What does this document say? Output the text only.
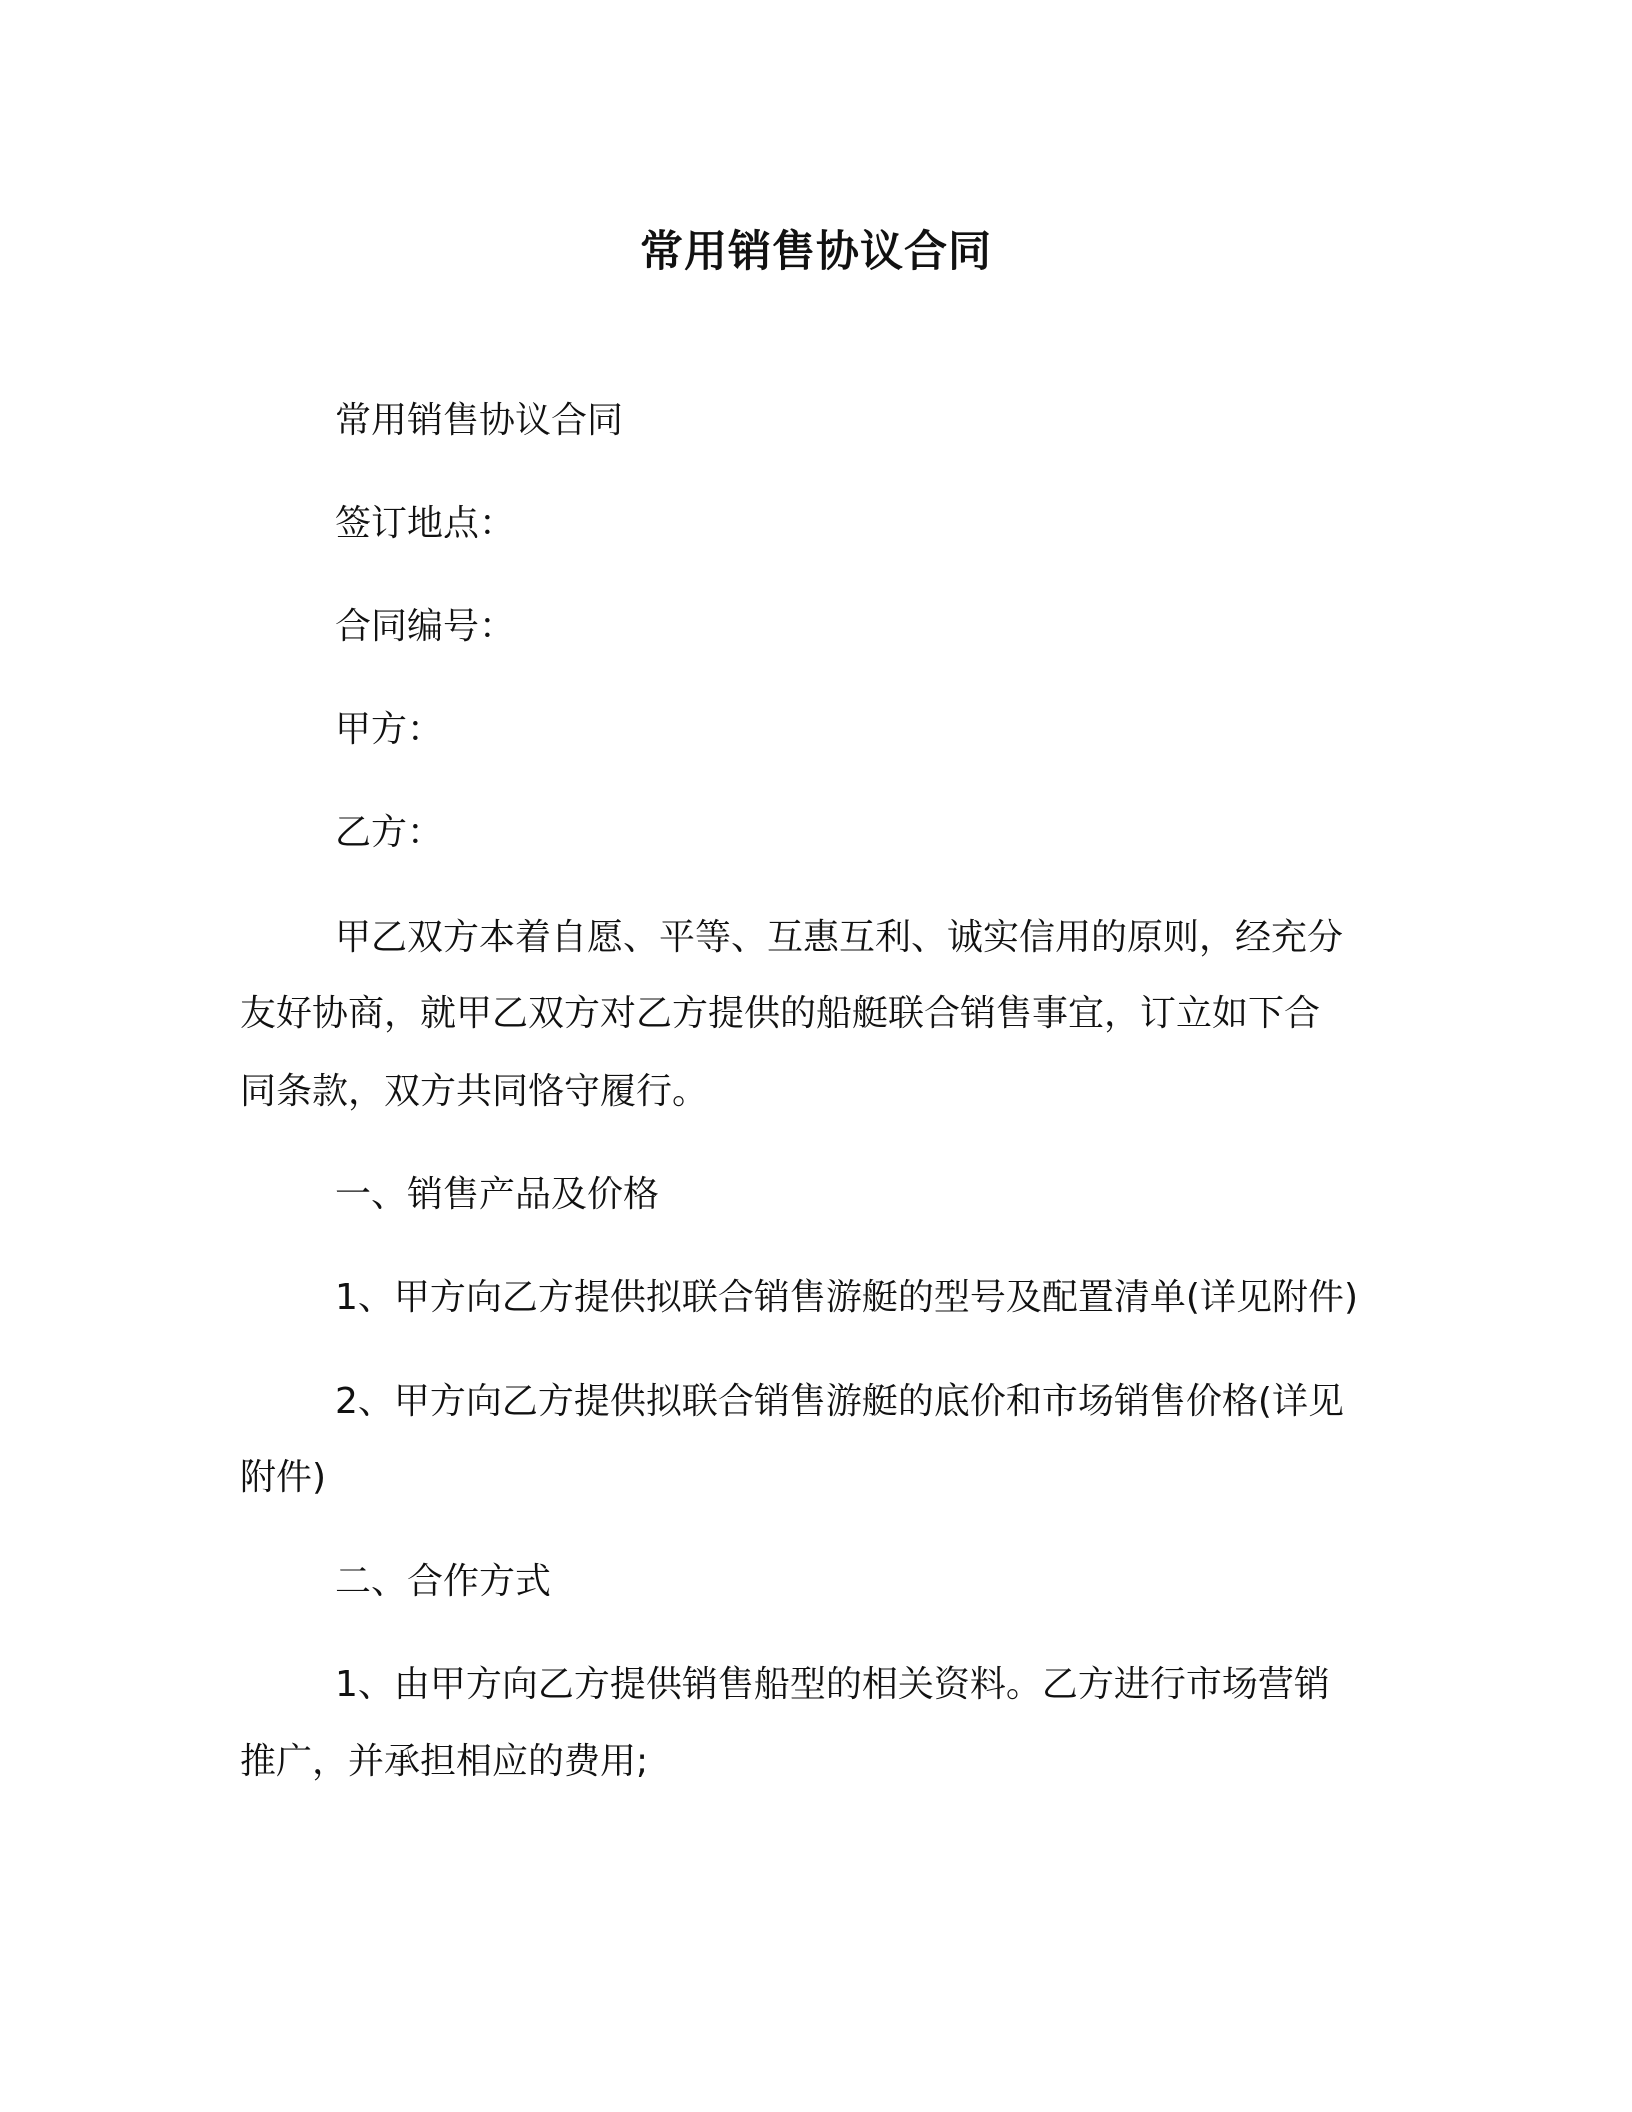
常用销售协议合同
常用销售协议合同
签订地点：
合同编号：
甲方：
乙方：
甲乙双方本着自愿、平等、互惠互利、诚实信用的原则，经充分
友好协商，就甲乙双方对乙方提供的船艇联合销售事宜，订立如下合
同条款，双方共同恪守履行。
一、销售产品及价格
1、甲方向乙方提供拟联合销售游艇的型号及配置清单(详见附件)
2、甲方向乙方提供拟联合销售游艇的底价和市场销售价格(详见
附件)
二、合作方式
1、由甲方向乙方提供销售船型的相关资料。乙方进行市场营销
推广，并承担相应的费用;
